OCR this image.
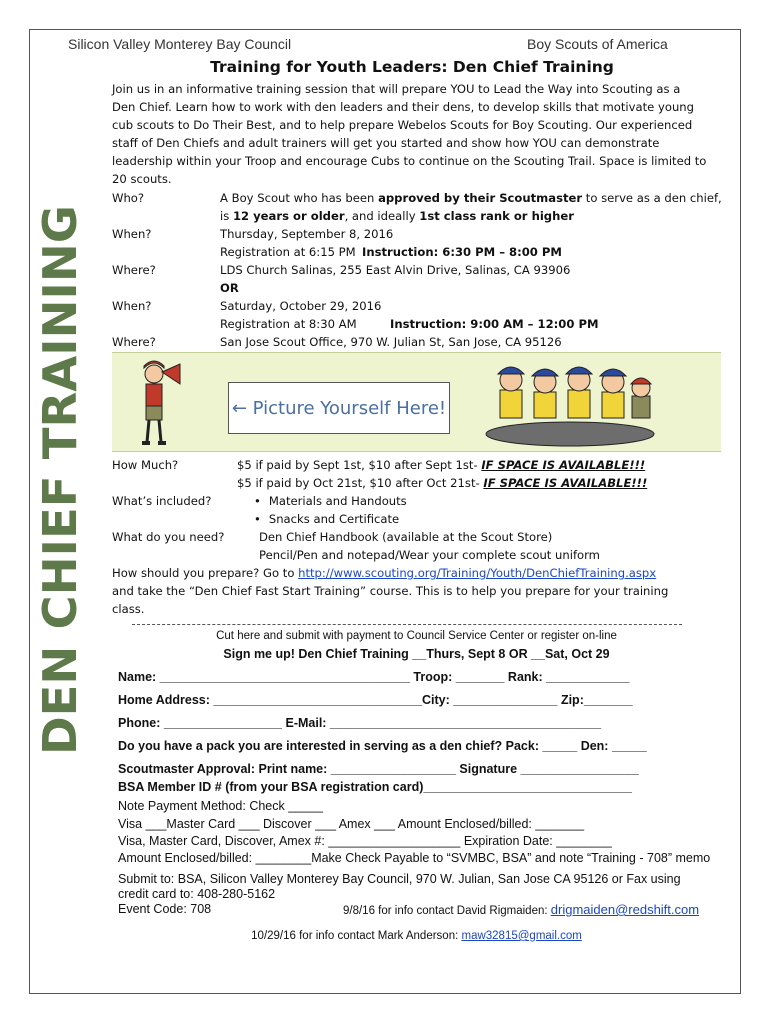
Silicon Valley Monterey Bay Council	Boy Scouts of America
DEN CHIEF TRAINING
Training for Youth Leaders: Den Chief Training
Join us in an informative training session that will prepare YOU to Lead the Way into Scouting as a
Den Chief. Learn how to work with den leaders and their dens, to develop skills that motivate young
cub scouts to Do Their Best, and to help prepare Webelos Scouts for Boy Scouting. Our experienced
staff of Den Chiefs and adult trainers will get you started and show how YOU can demonstrate
leadership within your Troop and encourage Cubs to continue on the Scouting Trail. Space is limited to
20 scouts.
Who?	A Boy Scout who has been approved by their Scoutmaster to serve as a den chief,
is 12 years or older, and ideally 1st class rank or higher
When?	Thursday, September 8, 2016
Registration at 6:15 PM Instruction: 6:30 PM – 8:00 PM
Where?	LDS Church Salinas, 255 East Alvin Drive, Salinas, CA 93906
OR
When?	Saturday, October 29, 2016
Registration at 8:30 AM	Instruction: 9:00 AM – 12:00 PM
Where?	San Jose Scout Office, 970 W. Julian St, San Jose, CA 95126
← Picture Yourself Here!
How Much?	$5 if paid by Sept 1st, $10 after Sept 1st- IF SPACE IS AVAILABLE!!!
$5 if paid by Oct 21st, $10 after Oct 21st- IF SPACE IS AVAILABLE!!!
What’s included?
•	Materials and Handouts
• Snacks and Certificate
What do you need?	Den Chief Handbook (available at the Scout Store)
Pencil/Pen and notepad/Wear your complete scout uniform
How should you prepare? Go to http://www.scouting.org/Training/Youth/DenChiefTraining.aspx
and take the “Den Chief Fast Start Training” course. This is to help you prepare for your training
class.
Cut here and submit with payment to Council Service Center or register on-line
Sign me up! Den Chief Training __Thurs, Sept 8 OR __Sat, Oct 29
Name: ____________________________________ Troop: _______ Rank: ____________
Home Address: ______________________________City: _______________ Zip:_______
Phone: _________________ E-Mail: _______________________________________
Do you have a pack you are interested in serving as a den chief? Pack: _____ Den: _____
Scoutmaster Approval: Print name: __________________ Signature _________________
BSA Member ID # (from your BSA registration card)______________________________
Note Payment Method: Check _____
Visa ___Master Card ___ Discover ___ Amex ___ Amount Enclosed/billed: _______
Visa, Master Card, Discover, Amex #: ___________________ Expiration Date: ________
Amount Enclosed/billed: ________Make Check Payable to “SVMBC, BSA” and note “Training - 708” memo
Submit to: BSA, Silicon Valley Monterey Bay Council, 970 W. Julian, San Jose CA 95126 or Fax using
credit card to: 408-280-5162
Event Code: 708	9/8/16 for info contact David Rigmaiden: drigmaiden@redshift.com
10/29/16 for info contact Mark Anderson: maw32815@gmail.com
